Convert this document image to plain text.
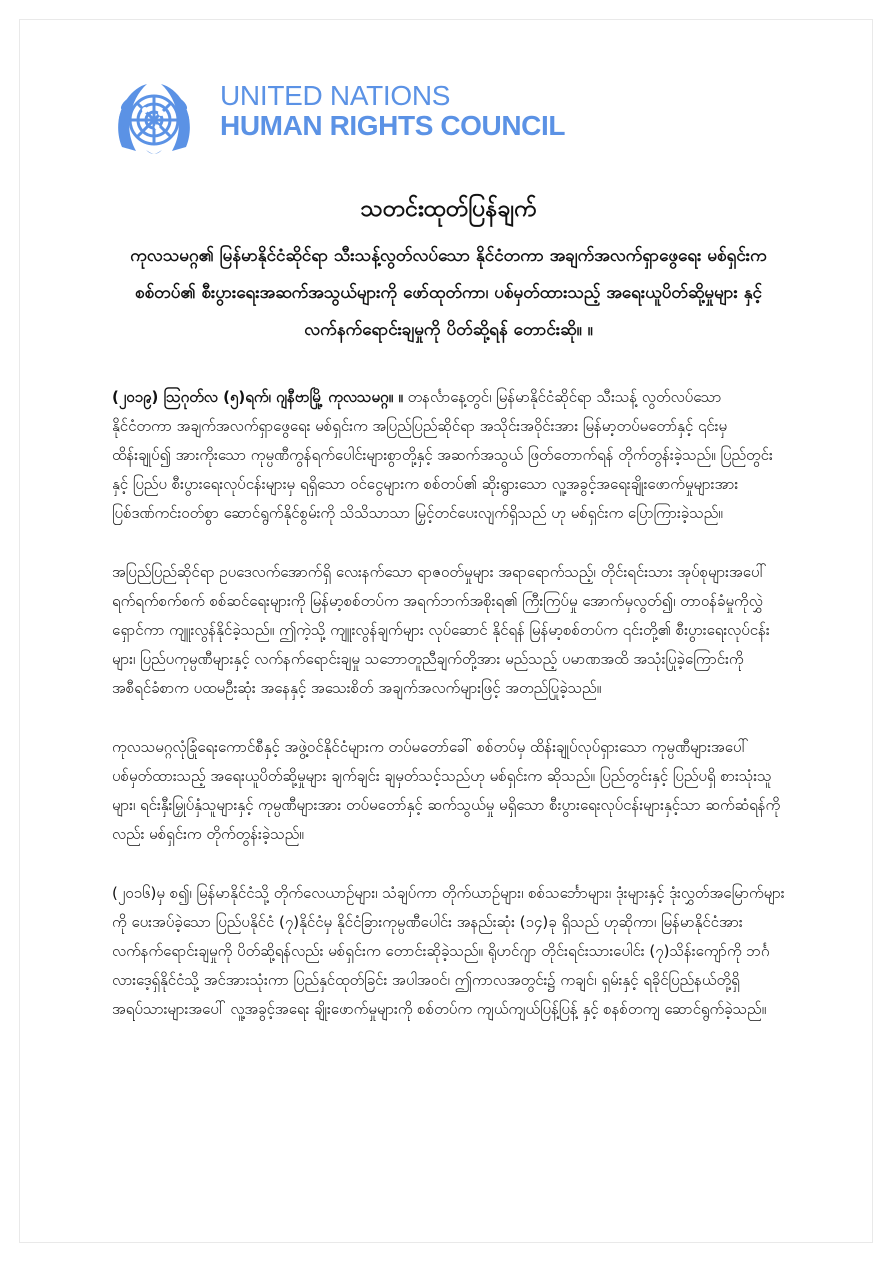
UNITED NATIONS
HUMAN RIGHTS COUNCIL
သတင်းထုတ်ပြန်ချက်
ကုလသမဂ္ဂ၏ မြန်မာနိုင်ငံဆိုင်ရာ သီးသန့်လွတ်လပ်သော နိုင်ငံတကာ အချက်အလက်ရှာဖွေရေး မစ်ရှင်းက စစ်တပ်၏ စီးပွားရေးအဆက်အသွယ်များကို ဖော်ထုတ်ကာ၊ ပစ်မှတ်ထားသည့် အရေးယူပိတ်ဆို့မှုများ နှင့် လက်နက်ရောင်းချမှုကို ပိတ်ဆို့ရန် တောင်းဆို။ ။

(၂၀၁၉) ဩဂုတ်လ (၅)ရက်၊ ဂျနီဗာမြို့ ကုလသမဂ္ဂ။ ။ တနင်္လာနေ့တွင်၊ မြန်မာနိုင်ငံဆိုင်ရာ သီးသန့် လွတ်လပ်သော နိုင်ငံတကာ အချက်အလက်ရှာဖွေရေး မစ်ရှင်းက အပြည်ပြည်ဆိုင်ရာ အသိုင်းအဝိုင်းအား မြန်မာ့တပ်မတော်နှင့် ၎င်းမှ ထိန်းချုပ်၍ အားကိုးသော ကုမ္ပဏီကွန်ရက်ပေါင်းများစွာတို့နှင့် အဆက်အသွယ် ဖြတ်တောက်ရန် တိုက်တွန်းခဲ့သည်။ ပြည်တွင်းနှင့် ပြည်ပ စီးပွားရေးလုပ်ငန်းများမှ ရရှိသော ဝင်ငွေများက စစ်တပ်၏ ဆိုးရွားသော လူ့အခွင့်အရေးချိုးဖောက်မှုများအား ပြစ်ဒဏ်ကင်းဝတ်စွာ ဆောင်ရွက်နိုင်စွမ်းကို သိသိသာသာ မြှင့်တင်ပေးလျက်ရှိသည် ဟု မစ်ရှင်းက ပြောကြားခဲ့သည်။

အပြည်ပြည်ဆိုင်ရာ ဥပဒေလက်အောက်ရှိ လေးနက်သော ရာဇဝတ်မှုများ အရာရောက်သည့်၊ တိုင်းရင်းသား အုပ်စုများအပေါ် ရက်ရက်စက်စက် စစ်ဆင်ရေးများကို မြန်မာ့စစ်တပ်က အရက်ဘက်အစိုးရ၏ ကြီးကြပ်မှု အောက်မှလွတ်၍၊ တာဝန်ခံမှုကိုလွှဲရှောင်ကာ ကျူးလွန်နိုင်ခဲ့သည်။ ဤကဲ့သို့ ကျူးလွန်ချက်များ လုပ်ဆောင် နိုင်ရန် မြန်မာ့စစ်တပ်က ၎င်းတို့၏ စီးပွားရေးလုပ်ငန်းများ၊ ပြည်ပကုမ္ပဏီများနှင့် လက်နက်ရောင်းချမှု သဘောတူညီချက်တို့အား မည်သည့် ပမာဏအထိ အသုံးပြုခဲ့ကြောင်းကို အစီရင်ခံစာက ပထမဦးဆုံး အနေနှင့် အသေးစိတ် အချက်အလက်များဖြင့် အတည်ပြုခဲ့သည်။

ကုလသမဂ္ဂလုံခြုံရေးကောင်စီနှင့် အဖွဲ့ဝင်နိုင်ငံများက တပ်မတော်ခေါ် စစ်တပ်မှ ထိန်းချုပ်လုပ်ရှားသော ကုမ္ပဏီများအပေါ် ပစ်မှတ်ထားသည့် အရေးယူပိတ်ဆို့မှုများ ချက်ချင်း ချမှတ်သင့်သည်ဟု မစ်ရှင်းက ဆိုသည်။ ပြည်တွင်းနှင့် ပြည်ပရှိ စားသုံးသူများ၊ ရင်းနှီးမြှုပ်နှံသူများနှင့် ကုမ္ပဏီများအား တပ်မတော်နှင့် ဆက်သွယ်မှု မရှိသော စီးပွားရေးလုပ်ငန်းများနှင့်သာ ဆက်ဆံရန်ကိုလည်း မစ်ရှင်းက တိုက်တွန်းခဲ့သည်။

(၂၀၁၆)မှ စ၍၊ မြန်မာနိုင်ငံသို့ တိုက်လေယာဉ်များ၊ သံချပ်ကာ တိုက်ယာဉ်များ၊ စစ်သင်္ဘောများ၊ ဒုံးများနှင့် ဒုံးလွှတ်အမြောက်များကို ပေးအပ်ခဲ့သော ပြည်ပနိုင်ငံ (၇)နိုင်ငံမှ နိုင်ငံခြားကုမ္ပဏီပေါင်း အနည်းဆုံး (၁၄)ခု ရှိသည် ဟုဆိုကာ၊ မြန်မာနိုင်ငံအား လက်နက်ရောင်းချမှုကို ပိတ်ဆို့ရန်လည်း မစ်ရှင်းက တောင်းဆိုခဲ့သည်။ ရိုဟင်ဂျာ တိုင်းရင်းသားပေါင်း (၇)သိန်းကျော်ကို ဘင်္ဂလားဒေ့ရှ်နိုင်ငံသို့ အင်အားသုံးကာ ပြည်နှင်ထုတ်ခြင်း အပါအဝင်၊ ဤကာလအတွင်း၌ ကချင်၊ ရှမ်းနှင့် ရခိုင်ပြည်နယ်တို့ရှိ အရပ်သားများအပေါ် လူ့အခွင့်အရေး ချိုးဖောက်မှုများကို စစ်တပ်က ကျယ်ကျယ်ပြန့်ပြန့် နှင့် စနစ်တကျ ဆောင်ရွက်ခဲ့သည်။
